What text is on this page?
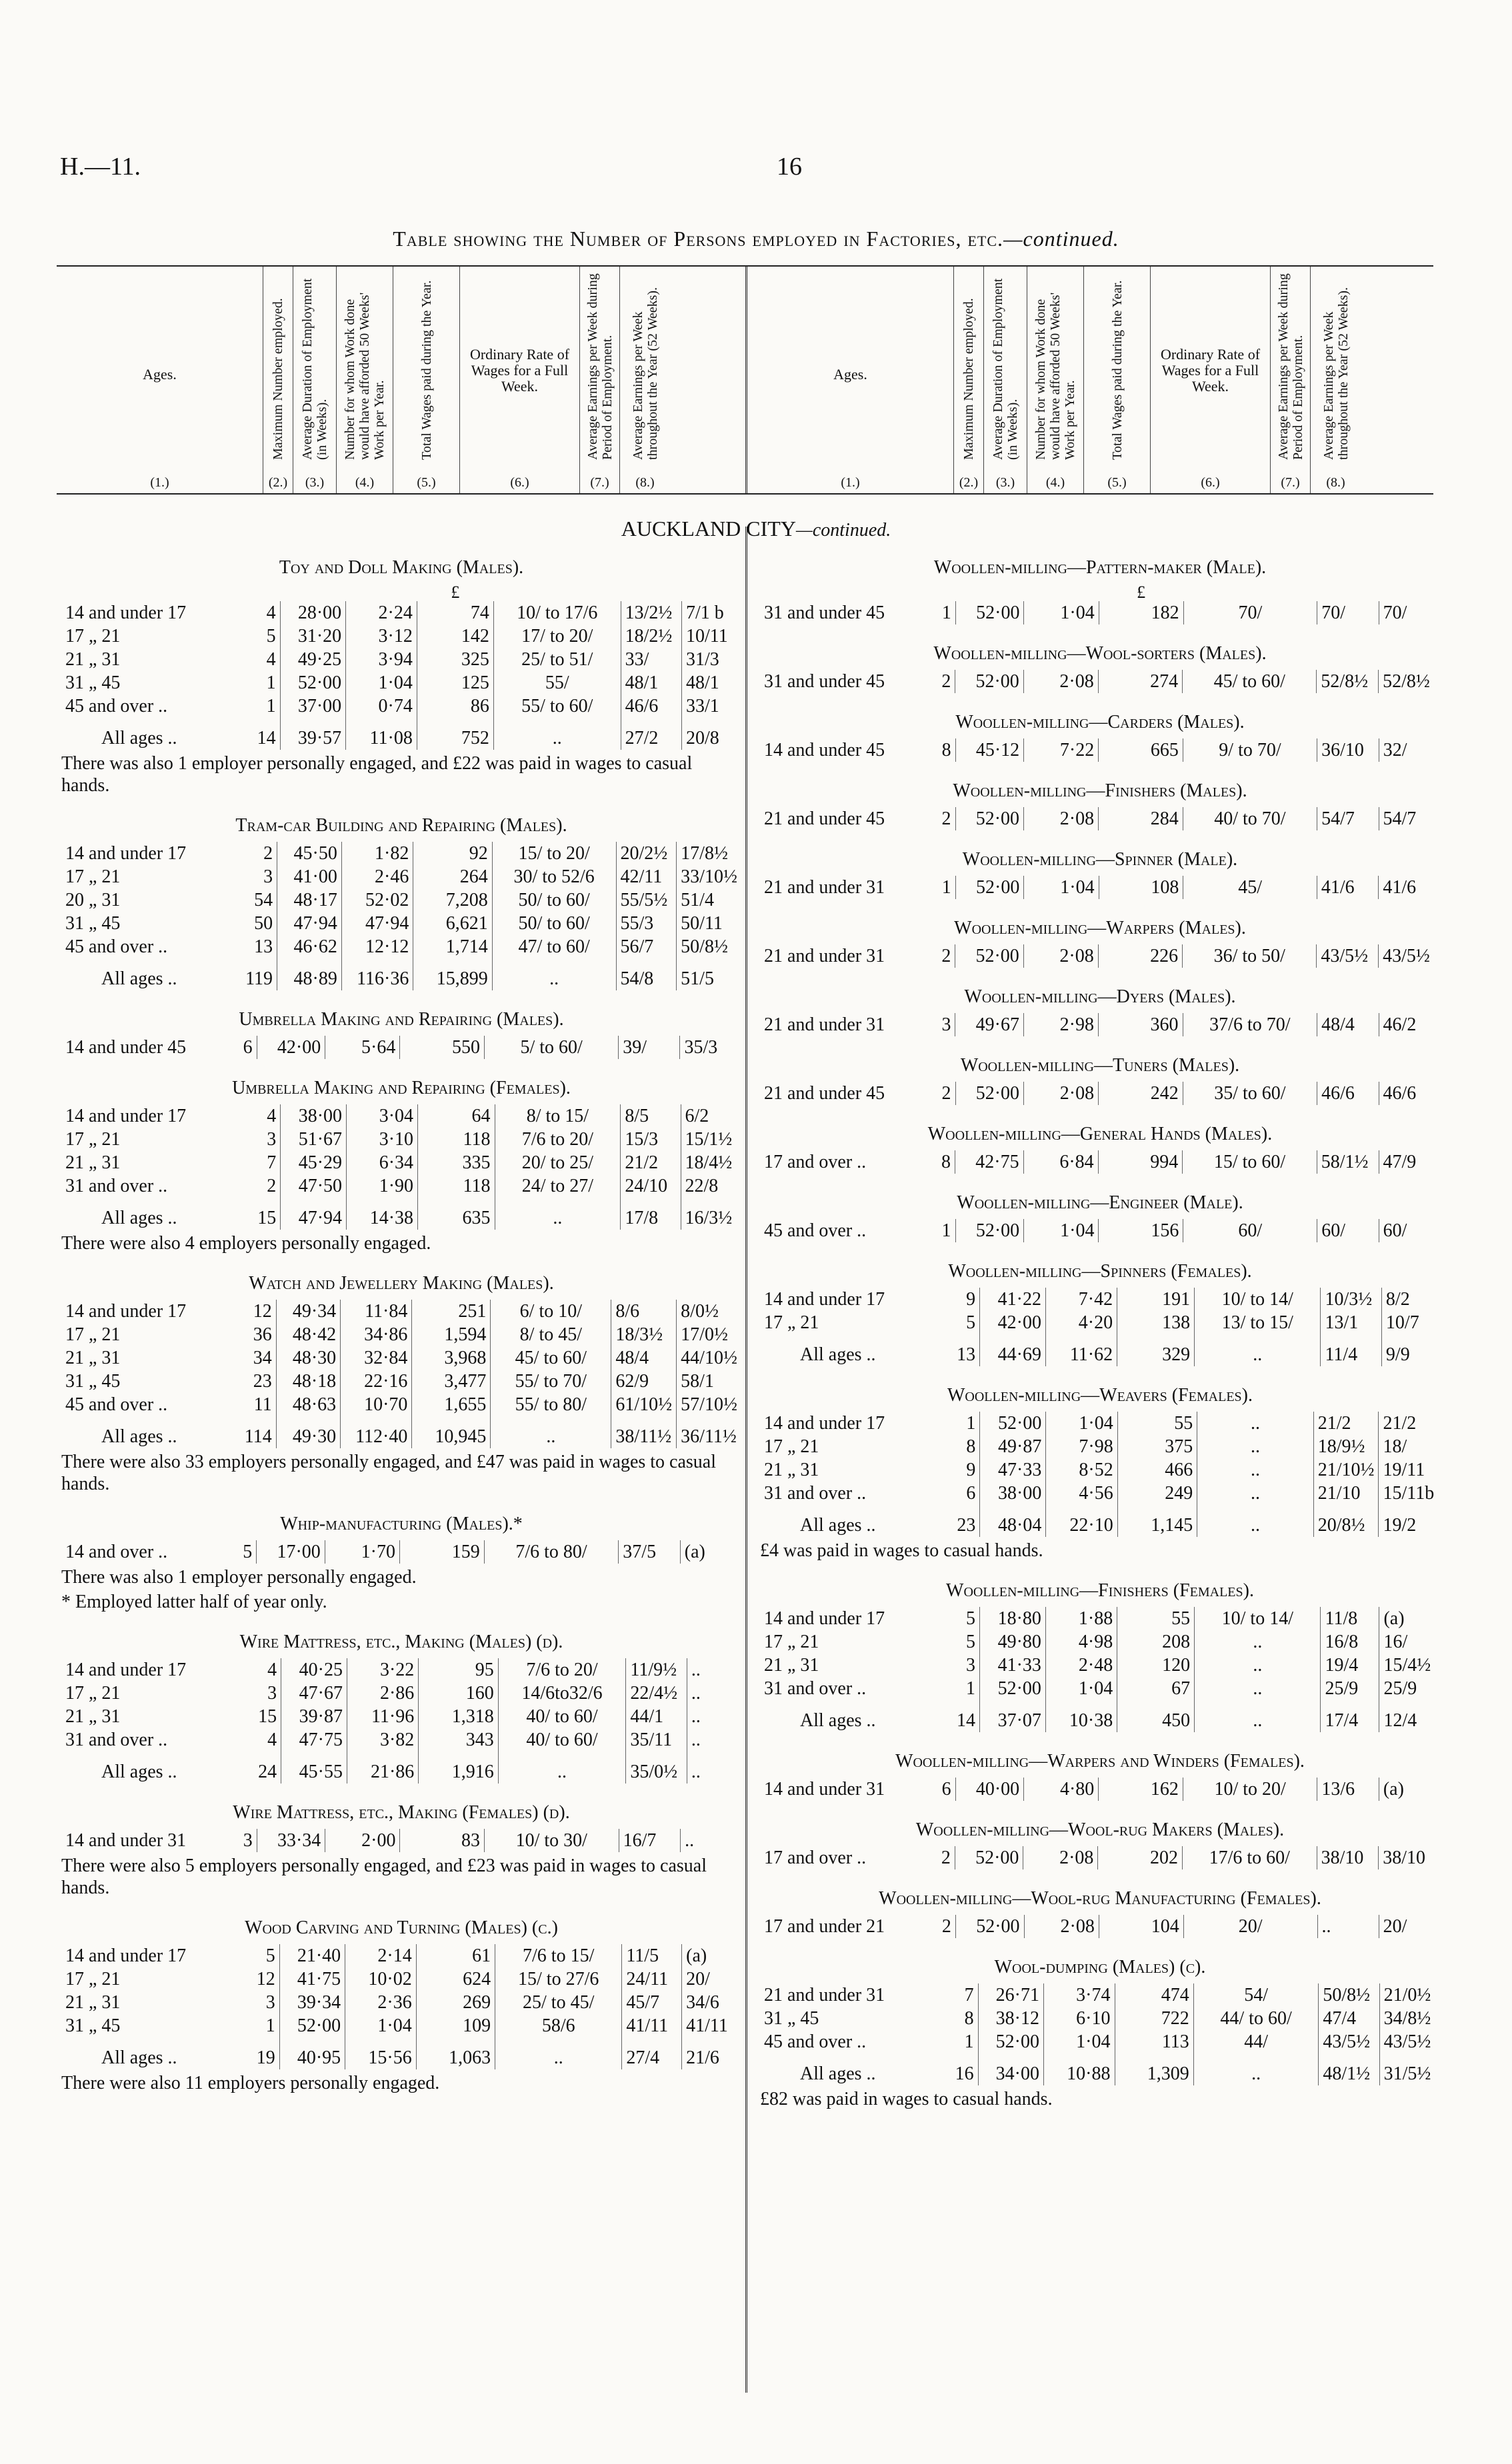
H.—11.	16
Table showing the Number of Persons employed in Factories, etc.—continued.
Ages.
(1.)
Maximum Number employed.
(2.)
Average Duration of Employment (in Weeks).
(3.)
Number for whom Work done would have afforded 50 Weeks' Work per Year.
(4.)
Total Wages paid during the Year.
(5.)
Ordinary Rate of Wages for a Full Week.
(6.)
Average Earnings per Week during Period of Employment.
(7.)
Average Earnings per Week throughout the Year (52 Weeks).
(8.)
Ages.
(1.)
Maximum Number employed.
(2.)
Average Duration of Employment (in Weeks).
(3.)
Number for whom Work done would have afforded 50 Weeks' Work per Year.
(4.)
Total Wages paid during the Year.
(5.)
Ordinary Rate of Wages for a Full Week.
(6.)
Average Earnings per Week during Period of Employment.
(7.)
Average Earnings per Week throughout the Year (52 Weeks).
(8.)
AUCKLAND CITY—continued.
Toy and Doll Making (Males).
				£			
14 and under 17	4	28·00	2·24	74	10/ to 17/6	13/2½	7/1 b
17 „ 21	5	31·20	3·12	142	17/ to 20/	18/2½	10/11
21 „ 31	4	49·25	3·94	325	25/ to 51/	33/	31/3
31 „ 45	1	52·00	1·04	125	55/	48/1	48/1
45 and over ..	1	37·00	0·74	86	55/ to 60/	46/6	33/1
All ages ..	14	39·57	11·08	752	..	27/2	20/8

There was also 1 employer personally engaged, and £22 was paid in wages to casual hands.

Tram-car Building and Repairing (Males).
14 and under 17	2	45·50	1·82	92	15/ to 20/	20/2½	17/8½
17 „ 21	3	41·00	2·46	264	30/ to 52/6	42/11	33/10½
20 „ 31	54	48·17	52·02	7,208	50/ to 60/	55/5½	51/4
31 „ 45	50	47·94	47·94	6,621	50/ to 60/	55/3	50/11
45 and over ..	13	46·62	12·12	1,714	47/ to 60/	56/7	50/8½
All ages ..	119	48·89	116·36	15,899	..	54/8	51/5
Umbrella Making and Repairing (Males).
14 and under 45	6	42·00	5·64	550	5/ to 60/	39/	35/3
Umbrella Making and Repairing (Females).
14 and under 17	4	38·00	3·04	64	8/ to 15/	8/5	6/2
17 „ 21	3	51·67	3·10	118	7/6 to 20/	15/3	15/1½
21 „ 31	7	45·29	6·34	335	20/ to 25/	21/2	18/4½
31 and over ..	2	47·50	1·90	118	24/ to 27/	24/10	22/8
All ages ..	15	47·94	14·38	635	..	17/8	16/3½

There were also 4 employers personally engaged.

Watch and Jewellery Making (Males).
14 and under 17	12	49·34	11·84	251	6/ to 10/	8/6	8/0½
17 „ 21	36	48·42	34·86	1,594	8/ to 45/	18/3½	17/0½
21 „ 31	34	48·30	32·84	3,968	45/ to 60/	48/4	44/10½
31 „ 45	23	48·18	22·16	3,477	55/ to 70/	62/9	58/1
45 and over ..	11	48·63	10·70	1,655	55/ to 80/	61/10½	57/10½
All ages ..	114	49·30	112·40	10,945	..	38/11½	36/11½

There were also 33 employers personally engaged, and £47 was paid in wages to casual hands.

Whip-manufacturing (Males).*
14 and over ..	5	17·00	1·70	159	7/6 to 80/	37/5	(a)

There was also 1 employer personally engaged.

* Employed latter half of year only.

Wire Mattress, etc., Making (Males) (d).
14 and under 17	4	40·25	3·22	95	7/6 to 20/	11/9½	..
17 „ 21	3	47·67	2·86	160	14/6to32/6	22/4½	..
21 „ 31	15	39·87	11·96	1,318	40/ to 60/	44/1	..
31 and over ..	4	47·75	3·82	343	40/ to 60/	35/11	..
All ages ..	24	45·55	21·86	1,916	..	35/0½	..
Wire Mattress, etc., Making (Females) (d).
14 and under 31	3	33·34	2·00	83	10/ to 30/	16/7	..

There were also 5 employers personally engaged, and £23 was paid in wages to casual hands.

Wood Carving and Turning (Males) (c.)
14 and under 17	5	21·40	2·14	61	7/6 to 15/	11/5	(a)
17 „ 21	12	41·75	10·02	624	15/ to 27/6	24/11	20/
21 „ 31	3	39·34	2·36	269	25/ to 45/	45/7	34/6
31 „ 45	1	52·00	1·04	109	58/6	41/11	41/11
All ages ..	19	40·95	15·56	1,063	..	27/4	21/6

There were also 11 employers personally engaged.

Woollen-milling—Pattern-maker (Male).
				£			
31 and under 45	1	52·00	1·04	182	70/	70/	70/
Woollen-milling—Wool-sorters (Males).
31 and under 45	2	52·00	2·08	274	45/ to 60/	52/8½	52/8½
Woollen-milling—Carders (Males).
14 and under 45	8	45·12	7·22	665	9/ to 70/	36/10	32/
Woollen-milling—Finishers (Males).
21 and under 45	2	52·00	2·08	284	40/ to 70/	54/7	54/7
Woollen-milling—Spinner (Male).
21 and under 31	1	52·00	1·04	108	45/	41/6	41/6
Woollen-milling—Warpers (Males).
21 and under 31	2	52·00	2·08	226	36/ to 50/	43/5½	43/5½
Woollen-milling—Dyers (Males).
21 and under 31	3	49·67	2·98	360	37/6 to 70/	48/4	46/2
Woollen-milling—Tuners (Males).
21 and under 45	2	52·00	2·08	242	35/ to 60/	46/6	46/6
Woollen-milling—General Hands (Males).
17 and over ..	8	42·75	6·84	994	15/ to 60/	58/1½	47/9
Woollen-milling—Engineer (Male).
45 and over ..	1	52·00	1·04	156	60/	60/	60/
Woollen-milling—Spinners (Females).
14 and under 17	9	41·22	7·42	191	10/ to 14/	10/3½	8/2
17 „ 21	5	42·00	4·20	138	13/ to 15/	13/1	10/7
All ages ..	13	44·69	11·62	329	..	11/4	9/9
Woollen-milling—Weavers (Females).
14 and under 17	1	52·00	1·04	55	..	21/2	21/2
17 „ 21	8	49·87	7·98	375	..	18/9½	18/
21 „ 31	9	47·33	8·52	466	..	21/10½	19/11
31 and over ..	6	38·00	4·56	249	..	21/10	15/11b
All ages ..	23	48·04	22·10	1,145	..	20/8½	19/2

£4 was paid in wages to casual hands.

Woollen-milling—Finishers (Females).
14 and under 17	5	18·80	1·88	55	10/ to 14/	11/8	(a)
17 „ 21	5	49·80	4·98	208	..	16/8	16/
21 „ 31	3	41·33	2·48	120	..	19/4	15/4½
31 and over ..	1	52·00	1·04	67	..	25/9	25/9
All ages ..	14	37·07	10·38	450	..	17/4	12/4
Woollen-milling—Warpers and Winders (Females).
14 and under 31	6	40·00	4·80	162	10/ to 20/	13/6	(a)
Woollen-milling—Wool-rug Makers (Males).
17 and over ..	2	52·00	2·08	202	17/6 to 60/	38/10	38/10
Woollen-milling—Wool-rug Manufacturing (Females).
17 and under 21	2	52·00	2·08	104	20/	..	20/
Wool-dumping (Males) (c).
21 and under 31	7	26·71	3·74	474	54/	50/8½	21/0½
31 „ 45	8	38·12	6·10	722	44/ to 60/	47/4	34/8½
45 and over ..	1	52·00	1·04	113	44/	43/5½	43/5½
All ages ..	16	34·00	10·88	1,309	..	48/1½	31/5½

£82 was paid in wages to casual hands.
